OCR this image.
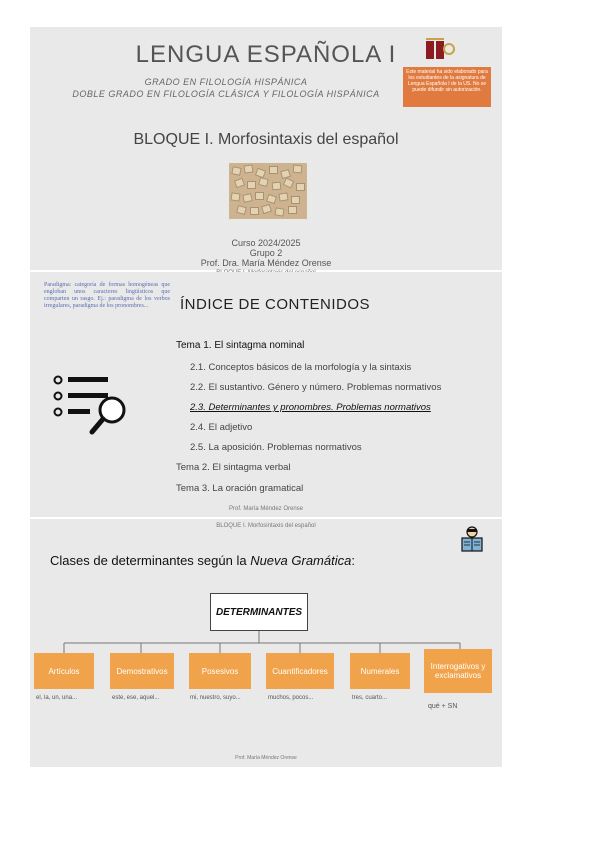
LENGUA ESPAÑOLA I
GRADO EN FILOLOGÍA HISPÁNICA
DOBLE GRADO EN FILOLOGÍA CLÁSICA Y FILOLOGÍA HISPÁNICA
Este material ha sido elaborado para los estudiantes de la asignatura de Lengua Española I de la US. No se puede difundir sin autorización.
BLOQUE I. Morfosintaxis del español
Curso 2024/2025
Grupo 2
Prof. Dra. María Méndez Orense
Paradigma: categoría de formas homogéneas que engloban unos caracteres lingüísticos que comparten un rasgo. Ej.: paradigma de los verbos irregulares, paradigma de los pronombres...	ÍNDICE DE CONTENIDOS
Tema 1. El sintagma nominal
2.1. Conceptos básicos de la morfología y la sintaxis
2.2. El sustantivo. Género y número. Problemas normativos
2.3. Determinantes y pronombres. Problemas normativos
2.4. El adjetivo
2.5. La aposición. Problemas normativos
Tema 2. El sintagma verbal
Tema 3. La oración gramatical
Prof. María Méndez Orense
BLOQUE I. Morfosintaxis del español
Clases de determinantes según la Nueva Gramática:
DETERMINANTES
Artículos	Demostrativos	Posesivos	Cuantificadores	Numerales	Interrogativos y exclamativos
el, la, un, una...	este, ese, aquel...	mi, nuestro, suyo...	muchos, pocos...	tres, cuarto...
qué + SN
Prof. María Méndez Orense
